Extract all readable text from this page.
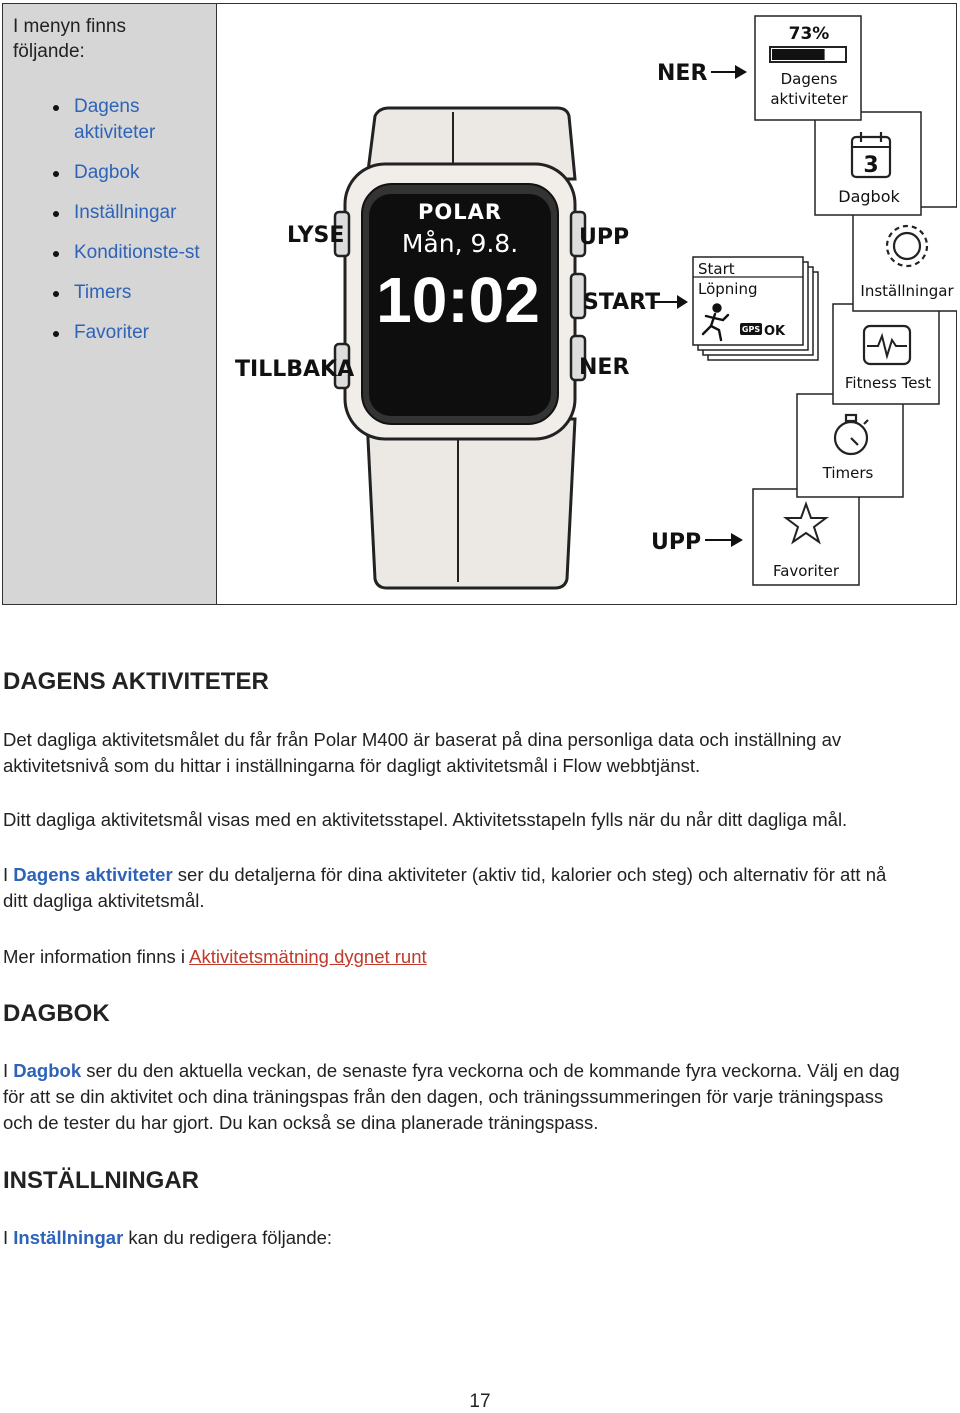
I menyn finns följande:
Dagens aktiviteter
Dagbok
Inställningar
Konditionste-st
Timers
Favoriter
POLAR
Mån, 9.8.
10:02
LYSE
TILLBAKA
UPP
START
NER
NER
UPP
Start
Löpning
GPS OK
Favoriter
Timers
Fitness Test
Inställningar
3
Dagbok
73%
Dagens
aktiviteter
DAGENS AKTIVITETER
Det dagliga aktivitetsmålet du får från Polar M400 är baserat på dina personliga data och inställning av
aktivitetsnivå som du hittar i inställningarna för dagligt aktivitetsmål i Flow webbtjänst.
Ditt dagliga aktivitetsmål visas med en aktivitetsstapel. Aktivitetsstapeln fylls när du når ditt dagliga mål.
I Dagens aktiviteter ser du detaljerna för dina aktiviteter (aktiv tid, kalorier och steg) och alternativ för att nå
ditt dagliga aktivitetsmål.
Mer information finns i Aktivitetsmätning dygnet runt
DAGBOK
I Dagbok ser du den aktuella veckan, de senaste fyra veckorna och de kommande fyra veckorna. Välj en dag
för att se din aktivitet och dina träningspas från den dagen, och träningssummeringen för varje träningspass
och de tester du har gjort. Du kan också se dina planerade träningspass.
INSTÄLLNINGAR
I Inställningar kan du redigera följande:
17
